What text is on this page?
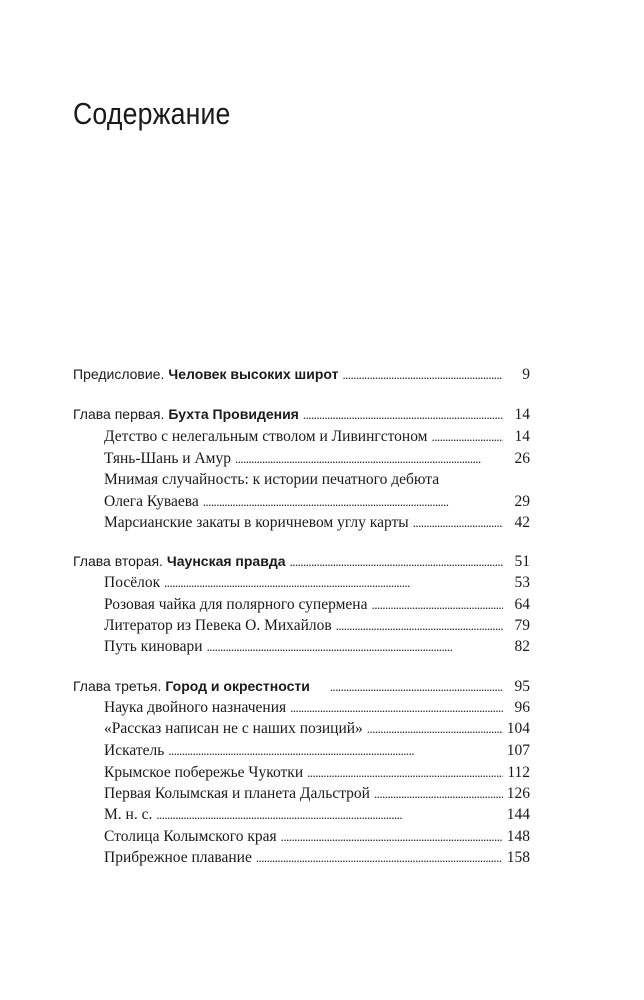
Содержание
Предисловие. Человек высоких широт . . .	9
Глава первая. Бухта Провидения . . .	14
Детство с нелегальным стволом и Ливингстоном . . .	14
Тянь-Шань и Амур . . .	26
Мнимая случайность: к истории печатного дебюта
Олега Куваева . . .	29
Марсианские закаты в коричневом углу карты . . .	42
Глава вторая. Чаунская правда . . .	51
Посёлок . . .	53
Розовая чайка для полярного супермена . . .	64
Литератор из Певека О. Михайлов . . .	79
Путь киновари . . .	82
Глава третья. Город и окрестности . . .	95
Наука двойного назначения . . .	96
«Рассказ написан не с наших позиций» . . .	104
Искатель . . .	107
Крымское побережье Чукотки . . .	112
Первая Колымская и планета Дальстрой . . .	126
М. н. с. . . .	144
Столица Колымского края . . .	148
Прибрежное плавание . . .	158
